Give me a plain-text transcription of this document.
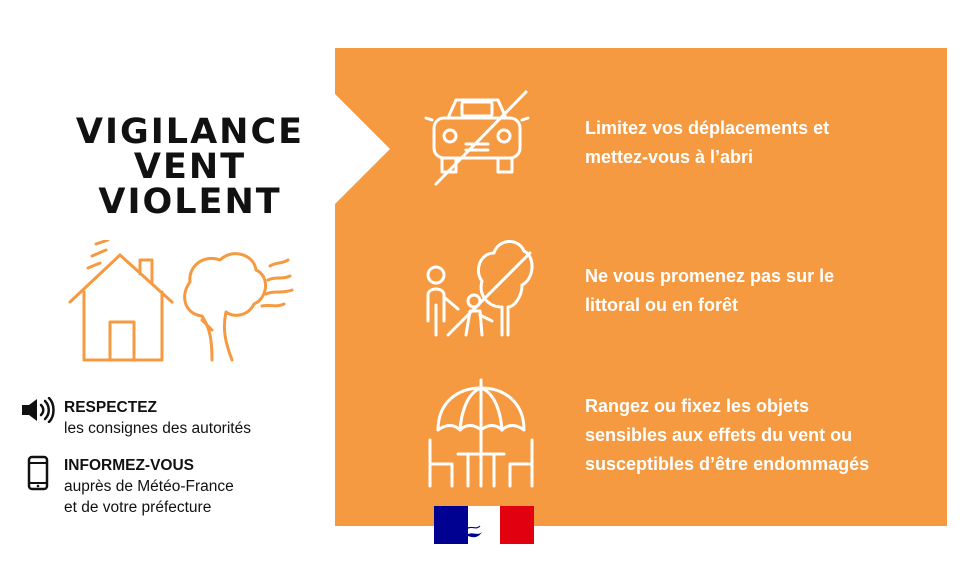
VIGILANCE
VENT
VIOLENT
RESPECTEZ
les consignes des autorités
INFORMEZ-VOUS
auprès de Météo-France
et de votre préfecture
Limitez vos déplacements et
mettez-vous à l’abri
Ne vous promenez pas sur le
littoral ou en forêt
Rangez ou fixez les objets
sensibles aux effets du vent ou
susceptibles d’être endommagés
